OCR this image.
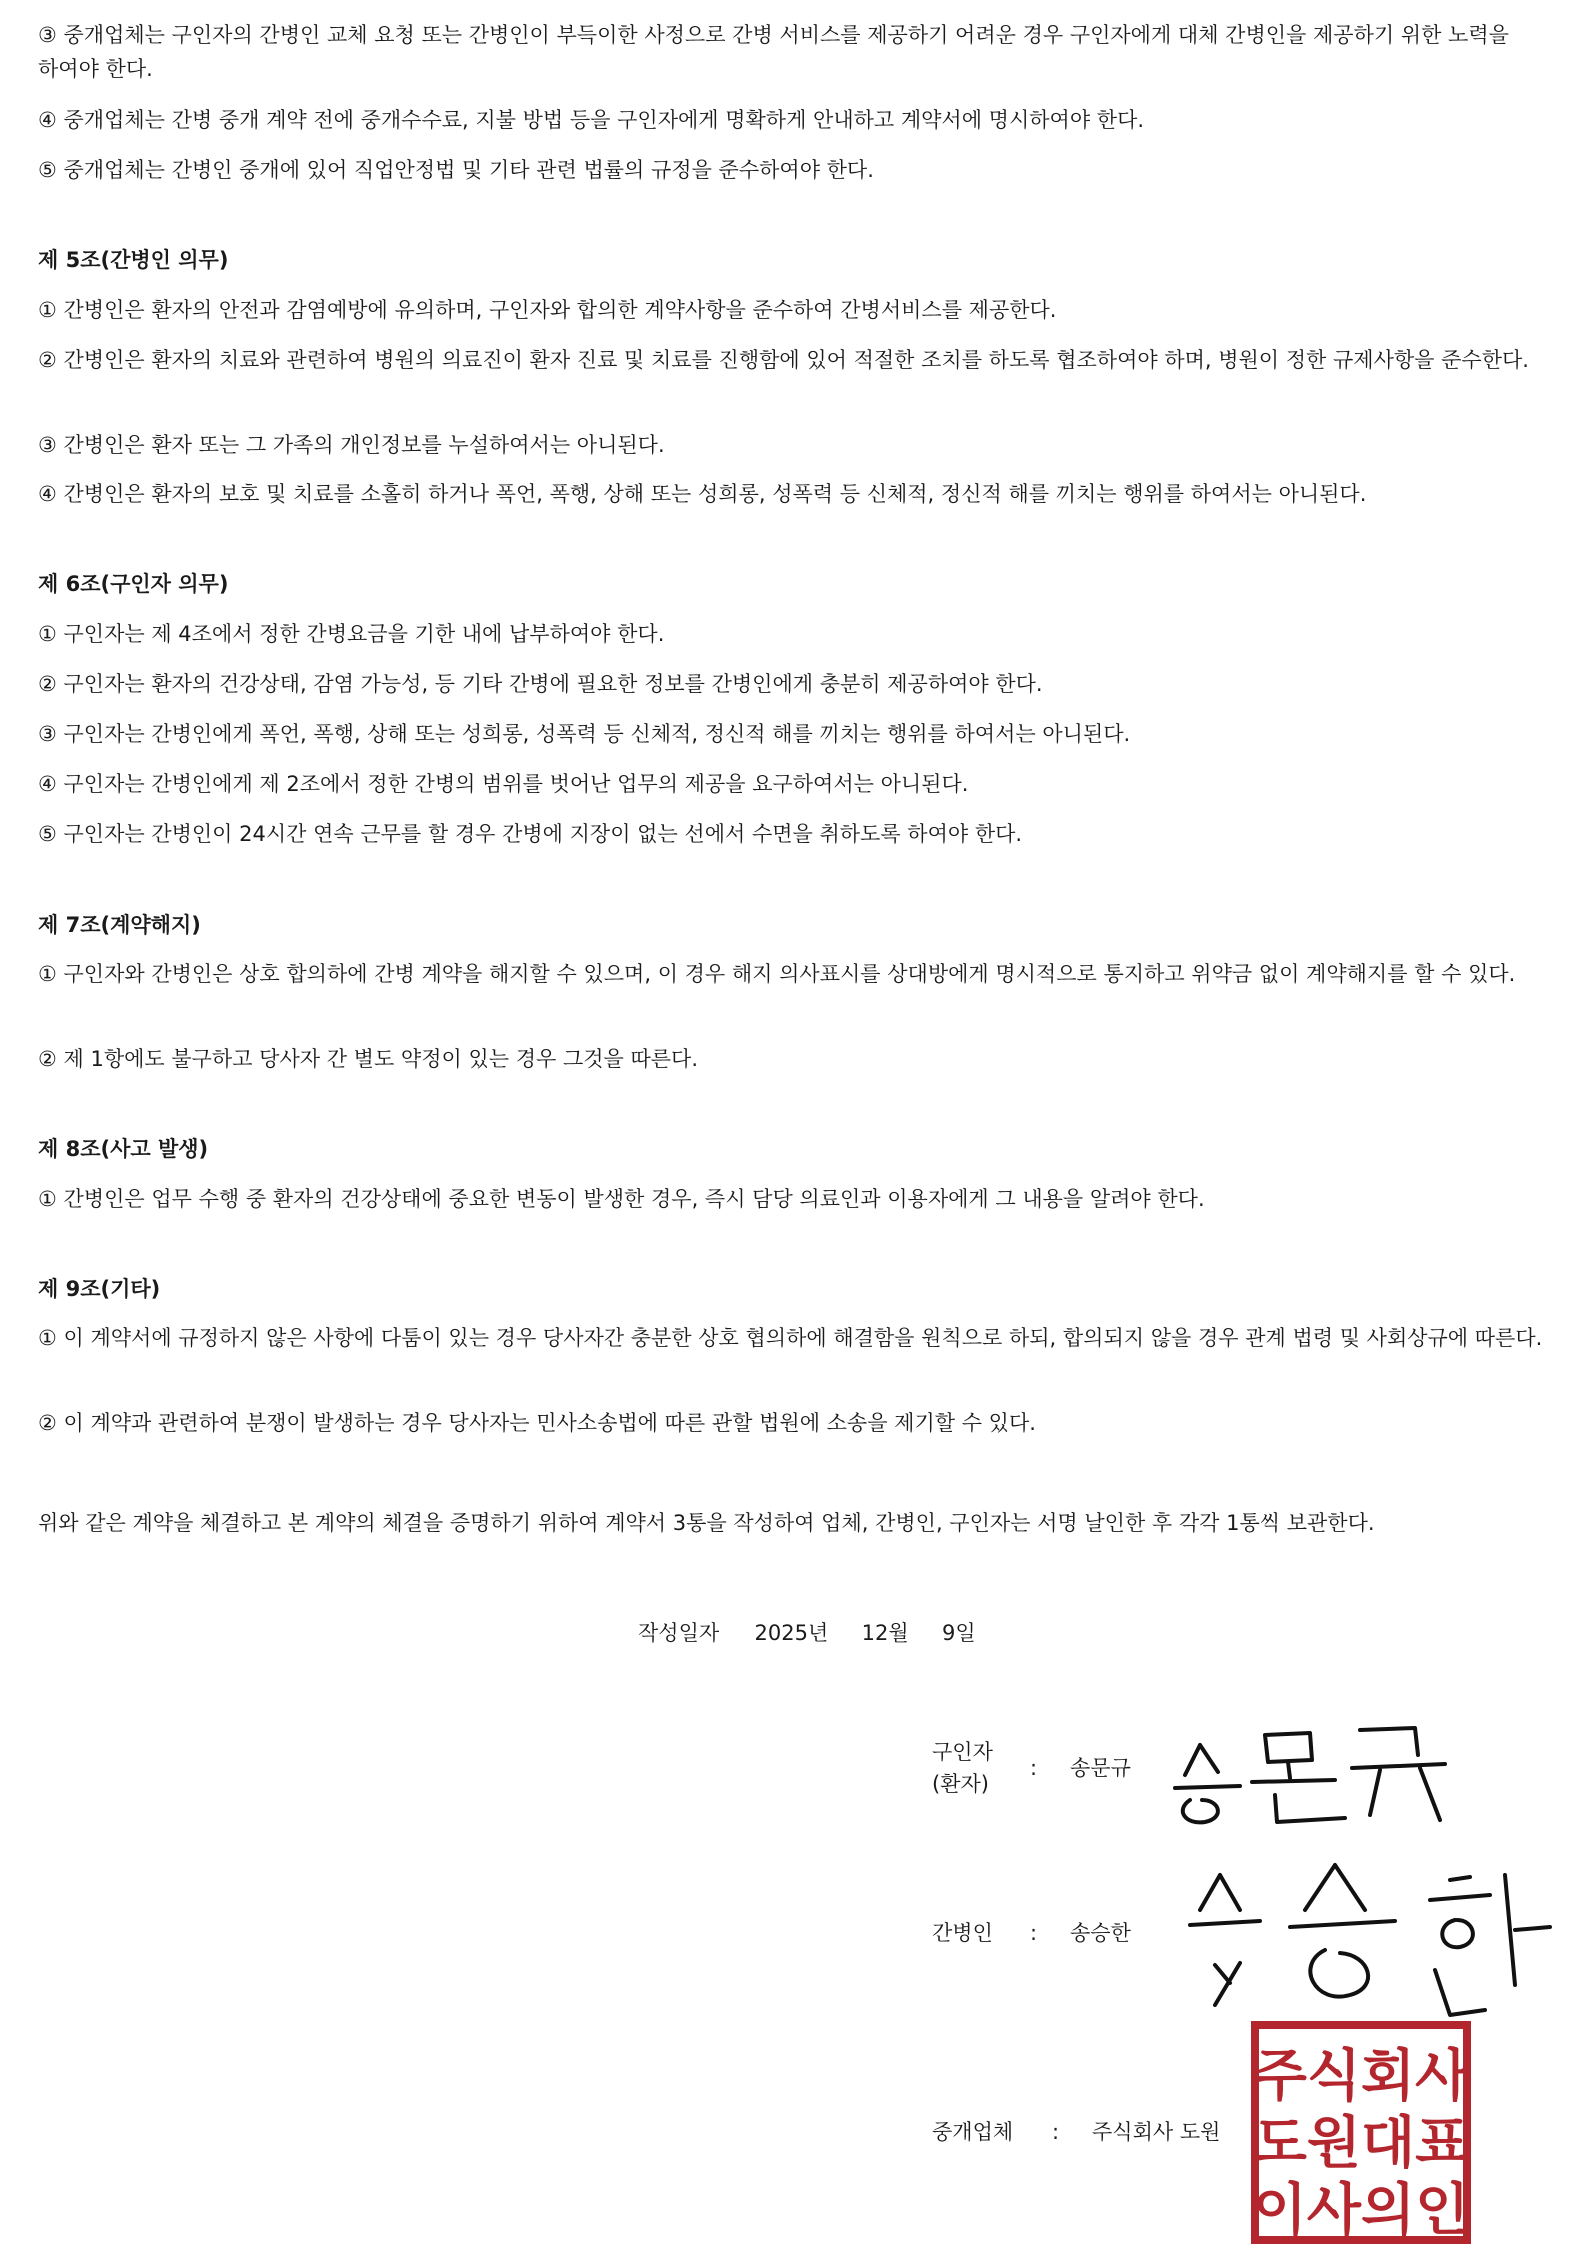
③ 중개업체는 구인자의 간병인 교체 요청 또는 간병인이 부득이한 사정으로 간병 서비스를 제공하기 어려운 경우 구인자에게 대체 간병인을 제공하기 위한 노력을 하여야 한다.
④ 중개업체는 간병 중개 계약 전에 중개수수료, 지불 방법 등을 구인자에게 명확하게 안내하고 계약서에 명시하여야 한다.
⑤ 중개업체는 간병인 중개에 있어 직업안정법 및 기타 관련 법률의 규정을 준수하여야 한다.
제 5조(간병인 의무)
① 간병인은 환자의 안전과 감염예방에 유의하며, 구인자와 합의한 계약사항을 준수하여 간병서비스를 제공한다.
② 간병인은 환자의 치료와 관련하여 병원의 의료진이 환자 진료 및 치료를 진행함에 있어 적절한 조치를 하도록 협조하여야 하며, 병원이 정한 규제사항을 준수한다.
③ 간병인은 환자 또는 그 가족의 개인정보를 누설하여서는 아니된다.
④ 간병인은 환자의 보호 및 치료를 소홀히 하거나 폭언, 폭행, 상해 또는 성희롱, 성폭력 등 신체적, 정신적 해를 끼치는 행위를 하여서는 아니된다.
제 6조(구인자 의무)
① 구인자는 제 4조에서 정한 간병요금을 기한 내에 납부하여야 한다.
② 구인자는 환자의 건강상태, 감염 가능성, 등 기타 간병에 필요한 정보를 간병인에게 충분히 제공하여야 한다.
③ 구인자는 간병인에게 폭언, 폭행, 상해 또는 성희롱, 성폭력 등 신체적, 정신적 해를 끼치는 행위를 하여서는 아니된다.
④ 구인자는 간병인에게 제 2조에서 정한 간병의 범위를 벗어난 업무의 제공을 요구하여서는 아니된다.
⑤ 구인자는 간병인이 24시간 연속 근무를 할 경우 간병에 지장이 없는 선에서 수면을 취하도록 하여야 한다.
제 7조(계약해지)
① 구인자와 간병인은 상호 합의하에 간병 계약을 해지할 수 있으며, 이 경우 해지 의사표시를 상대방에게 명시적으로 통지하고 위약금 없이 계약해지를 할 수 있다.
② 제 1항에도 불구하고 당사자 간 별도 약정이 있는 경우 그것을 따른다.
제 8조(사고 발생)
① 간병인은 업무 수행 중 환자의 건강상태에 중요한 변동이 발생한 경우, 즉시 담당 의료인과 이용자에게 그 내용을 알려야 한다.
제 9조(기타)
① 이 계약서에 규정하지 않은 사항에 다툼이 있는 경우 당사자간 충분한 상호 협의하에 해결함을 원칙으로 하되, 합의되지 않을 경우 관계 법령 및 사회상규에 따른다.
② 이 계약과 관련하여 분쟁이 발생하는 경우 당사자는 민사소송법에 따른 관할 법원에 소송을 제기할 수 있다.
위와 같은 계약을 체결하고 본 계약의 체결을 증명하기 위하여 계약서 3통을 작성하여 업체, 간병인, 구인자는 서명 날인한 후 각각 1통씩 보관한다.
작성일자 2025년 12월 9일
구인자
(환자)
: 송문규
간병인 : 송승한
중개업체 : 주식회사 도원
주식회사
도원대표
이사의인
